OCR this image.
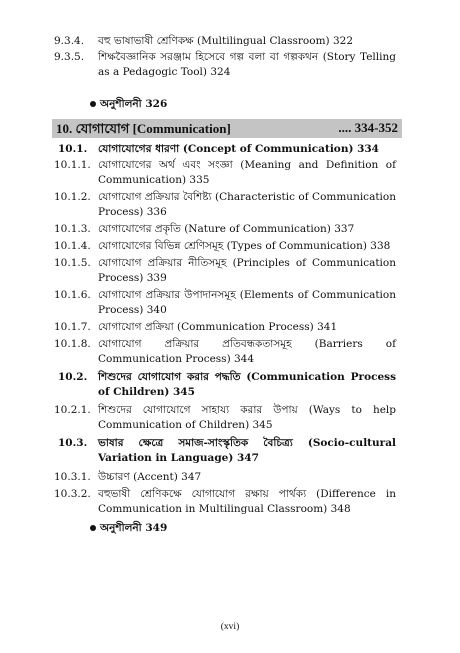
9.3.4. বহু ভাষাভাষী শ্রেণিকক্ষ (Multilingual Classroom) 322
9.3.5. শিক্ষবৈজ্ঞানিক সরঞ্জাম হিসেবে গল্প বলা বা গল্পকথন (Story Telling as a Pedagogic Tool) 324
অনুশীলনী 326
10. যোগাযোগ [Communication]	.... 334-352
10.1. যোগাযোগের ধারণা (Concept of Communication) 334
10.1.1. যোগাযোগের অর্থ এবং সংজ্ঞা (Meaning and Definition of Communication) 335
10.1.2. যোগাযোগ প্রক্রিয়ার বৈশিষ্ট্য (Characteristic of Communication Process) 336
10.1.3. যোগাযোগের প্রকৃতি (Nature of Communication) 337
10.1.4. যোগাযোগের বিভিন্ন শ্রেণিসমূহ (Types of Communication) 338
10.1.5. যোগাযোগ প্রক্রিয়ার নীতিসমূহ (Principles of Communication Process) 339
10.1.6. যোগাযোগ প্রক্রিয়ার উপাদানসমূহ (Elements of Communication Process) 340
10.1.7. যোগাযোগ প্রক্রিয়া (Communication Process) 341
10.1.8. যোগাযোগ প্রক্রিয়ার প্রতিবন্ধকতাসমূহ (Barriers of Communication Process) 344
10.2. শিশুদের যোগাযোগ করার পদ্ধতি (Communication Process of Children) 345
10.2.1. শিশুদের যোগাযোগে সাহায্য করার উপায় (Ways to help Communication of Children) 345
10.3. ভাষার ক্ষেত্রে সমাজ-সাংস্কৃতিক বৈচিত্র্য (Socio-cultural Variation in Language) 347
10.3.1. উচ্চারণ (Accent) 347
10.3.2. বহুভাষী শ্রেণিকক্ষে যোগাযোগ রক্ষায় পার্থক্য (Difference in Communication in Multilingual Classroom) 348
অনুশীলনী 349
(xvi)
